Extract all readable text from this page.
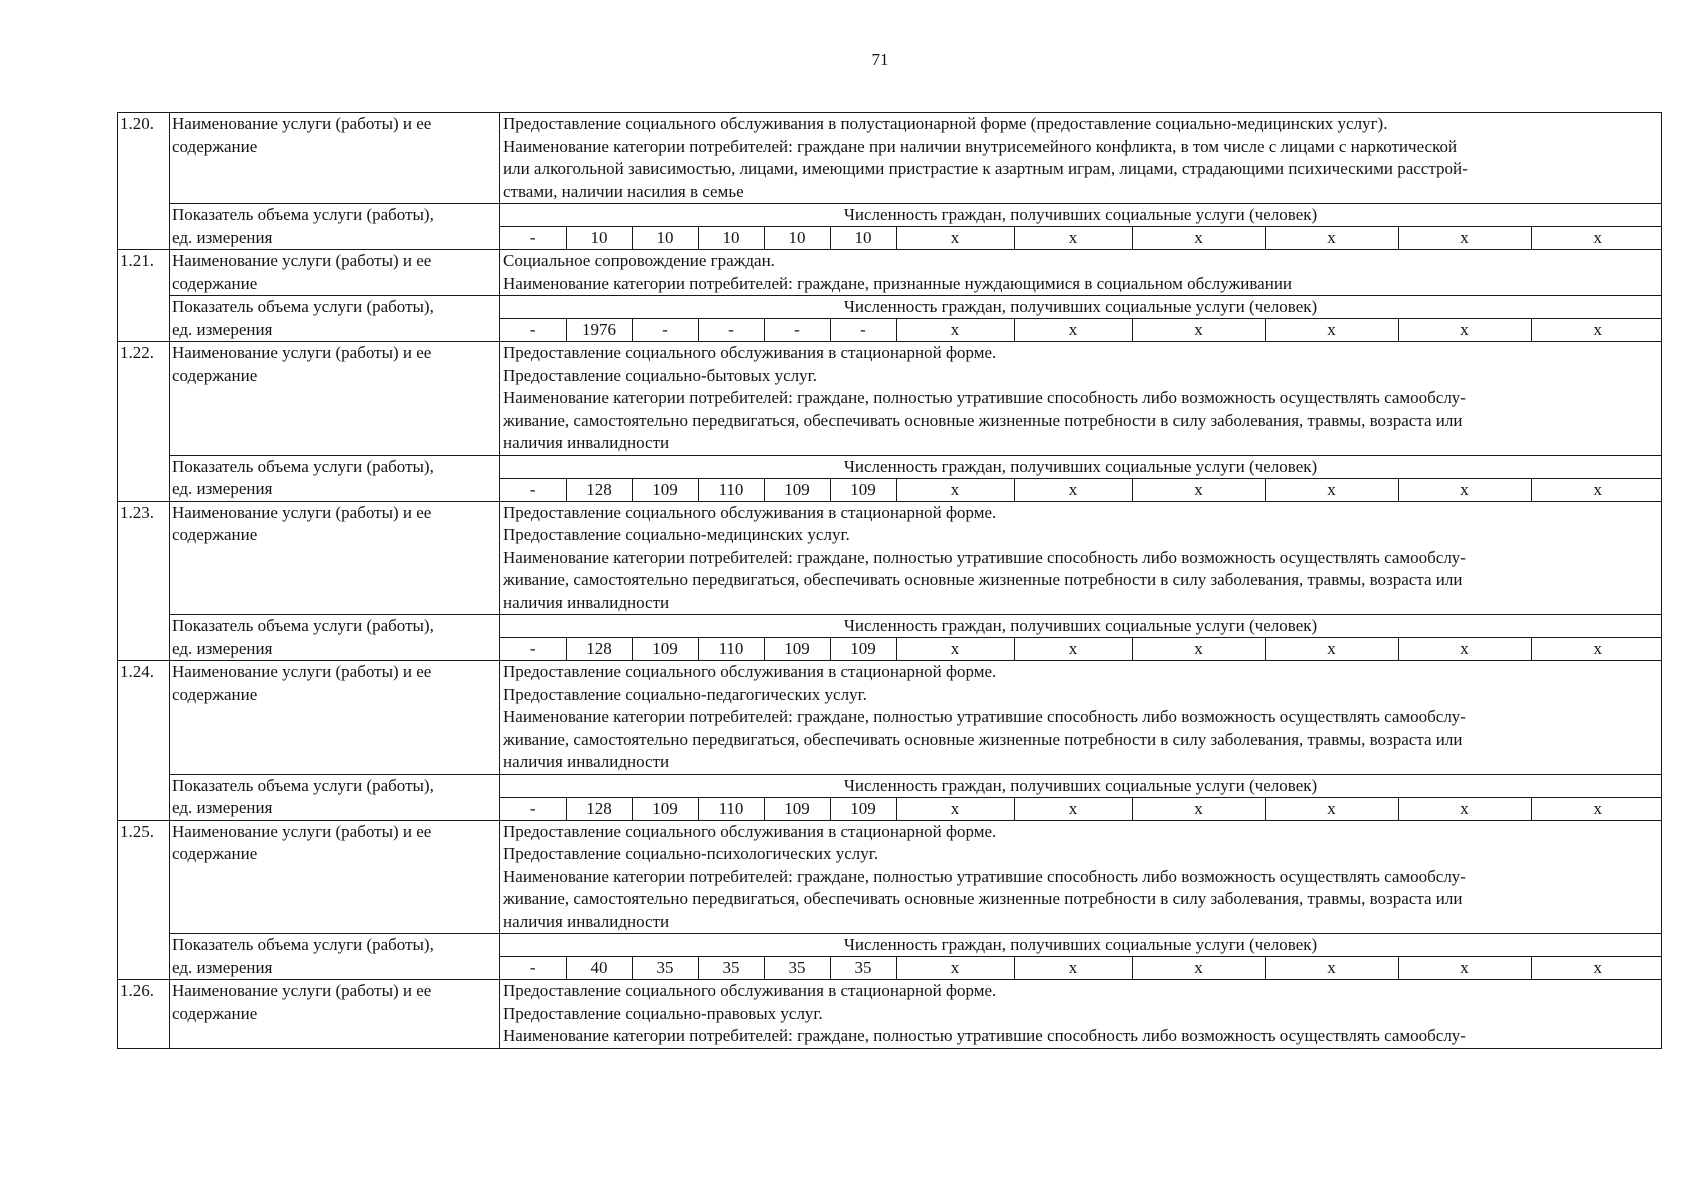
71
1.20.	Наименование услуги (работы) и ее
содержание

Предоставление социального обслуживания в полустационарной форме (предоставление социально-медицинских услуг).
Наименование категории потребителей: граждане при наличии внутрисемейного конфликта, в том числе с лицами с наркотической
или алкогольной зависимостью, лицами, имеющими пристрастие к азартным играм, лицами, страдающими психическими расстрой-
ствами, наличии насилия в семье

Показатель объема услуги (работы),
ед. измерения

Численность граждан, получивших социальные услуги (человек)
-	10	10	10	10	10	х	х	х	х	х	х

1.21.	Наименование услуги (работы) и ее
содержание

Социальное сопровождение граждан.
Наименование категории потребителей: граждане, признанные нуждающимися в социальном обслуживании

Показатель объема услуги (работы),
ед. измерения

Численность граждан, получивших социальные услуги (человек)
-	1976	-	-	-	-	х	х	х	х	х	х

1.22.	Наименование услуги (работы) и ее
содержание

Предоставление социального обслуживания в стационарной форме.
Предоставление социально-бытовых услуг.
Наименование категории потребителей: граждане, полностью утратившие способность либо возможность осуществлять самообслу-
живание, самостоятельно передвигаться, обеспечивать основные жизненные потребности в силу заболевания, травмы, возраста или
наличия инвалидности

Показатель объема услуги (работы),
ед. измерения

Численность граждан, получивших социальные услуги (человек)
-	128	109	110	109	109	х	х	х	х	х	х

1.23.	Наименование услуги (работы) и ее
содержание

Предоставление социального обслуживания в стационарной форме.
Предоставление социально-медицинских услуг.
Наименование категории потребителей: граждане, полностью утратившие способность либо возможность осуществлять самообслу-
живание, самостоятельно передвигаться, обеспечивать основные жизненные потребности в силу заболевания, травмы, возраста или
наличия инвалидности

Показатель объема услуги (работы),
ед. измерения

Численность граждан, получивших социальные услуги (человек)
-	128	109	110	109	109	х	х	х	х	х	х

1.24.	Наименование услуги (работы) и ее
содержание

Предоставление социального обслуживания в стационарной форме.
Предоставление социально-педагогических услуг.
Наименование категории потребителей: граждане, полностью утратившие способность либо возможность осуществлять самообслу-
живание, самостоятельно передвигаться, обеспечивать основные жизненные потребности в силу заболевания, травмы, возраста или
наличия инвалидности

Показатель объема услуги (работы),
ед. измерения

Численность граждан, получивших социальные услуги (человек)
-	128	109	110	109	109	х	х	х	х	х	х

1.25.	Наименование услуги (работы) и ее
содержание

Предоставление социального обслуживания в стационарной форме.
Предоставление социально-психологических услуг.
Наименование категории потребителей: граждане, полностью утратившие способность либо возможность осуществлять самообслу-
живание, самостоятельно передвигаться, обеспечивать основные жизненные потребности в силу заболевания, травмы, возраста или
наличия инвалидности

Показатель объема услуги (работы),
ед. измерения

Численность граждан, получивших социальные услуги (человек)
-	40	35	35	35	35	х	х	х	х	х	х

1.26.	Наименование услуги (работы) и ее
содержание

Предоставление социального обслуживания в стационарной форме.
Предоставление социально-правовых услуг.
Наименование категории потребителей: граждане, полностью утратившие способность либо возможность осуществлять самообслу-
